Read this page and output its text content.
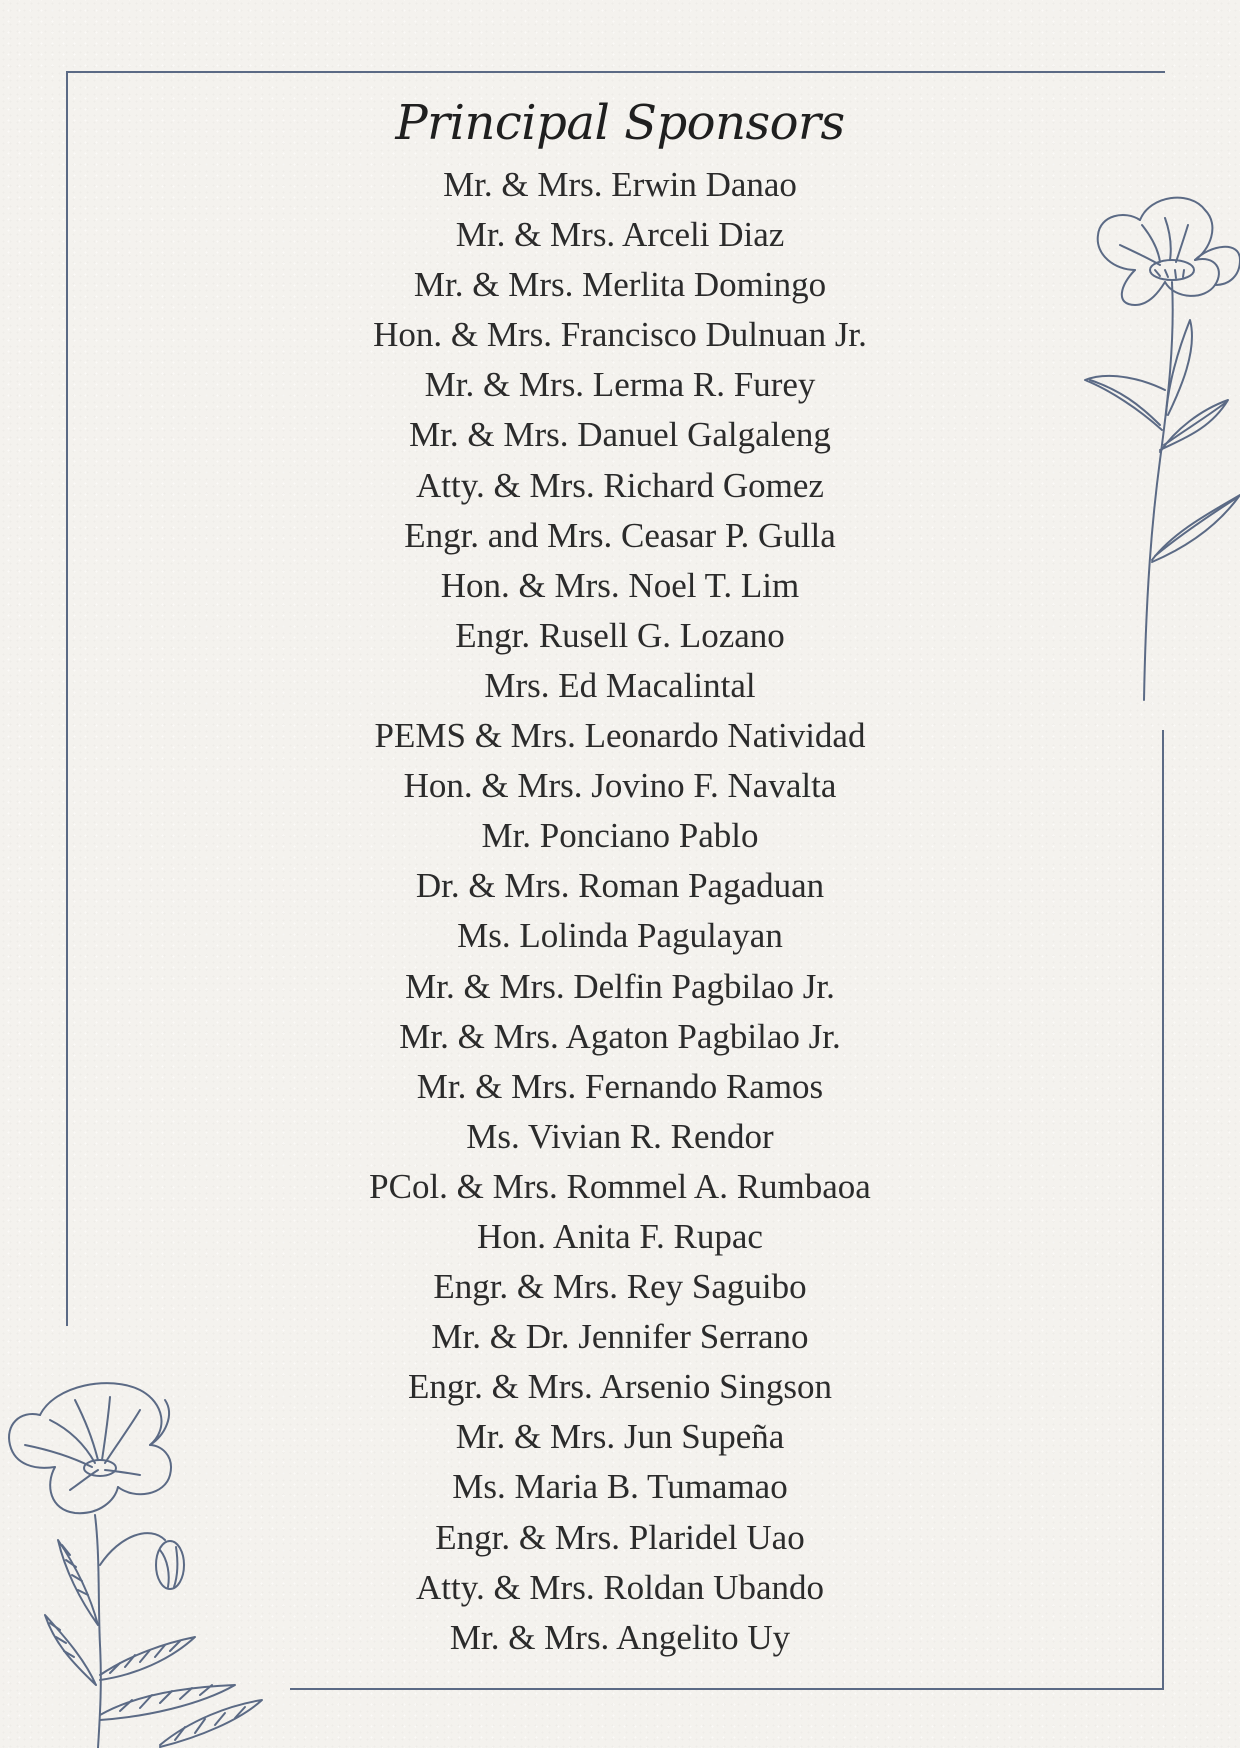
Principal Sponsors
Mr. & Mrs. Erwin Danao
Mr. & Mrs. Arceli Diaz
Mr. & Mrs. Merlita Domingo
Hon. & Mrs. Francisco Dulnuan Jr.
Mr. & Mrs. Lerma R. Furey
Mr. & Mrs. Danuel Galgaleng
Atty. & Mrs. Richard Gomez
Engr. and Mrs. Ceasar P. Gulla
Hon. & Mrs. Noel T. Lim
Engr. Rusell G. Lozano
Mrs. Ed Macalintal
PEMS & Mrs. Leonardo Natividad
Hon. & Mrs. Jovino F. Navalta
Mr. Ponciano Pablo
Dr. & Mrs. Roman Pagaduan
Ms. Lolinda Pagulayan
Mr. & Mrs. Delfin Pagbilao Jr.
Mr. & Mrs. Agaton Pagbilao Jr.
Mr. & Mrs. Fernando Ramos
Ms. Vivian R. Rendor
PCol. & Mrs. Rommel A. Rumbaoa
Hon. Anita F. Rupac
Engr. & Mrs. Rey Saguibo
Mr. & Dr. Jennifer Serrano
Engr. & Mrs. Arsenio Singson
Mr. & Mrs. Jun Supeña
Ms. Maria B. Tumamao
Engr. & Mrs. Plaridel Uao
Atty. & Mrs. Roldan Ubando
Mr. & Mrs. Angelito Uy
